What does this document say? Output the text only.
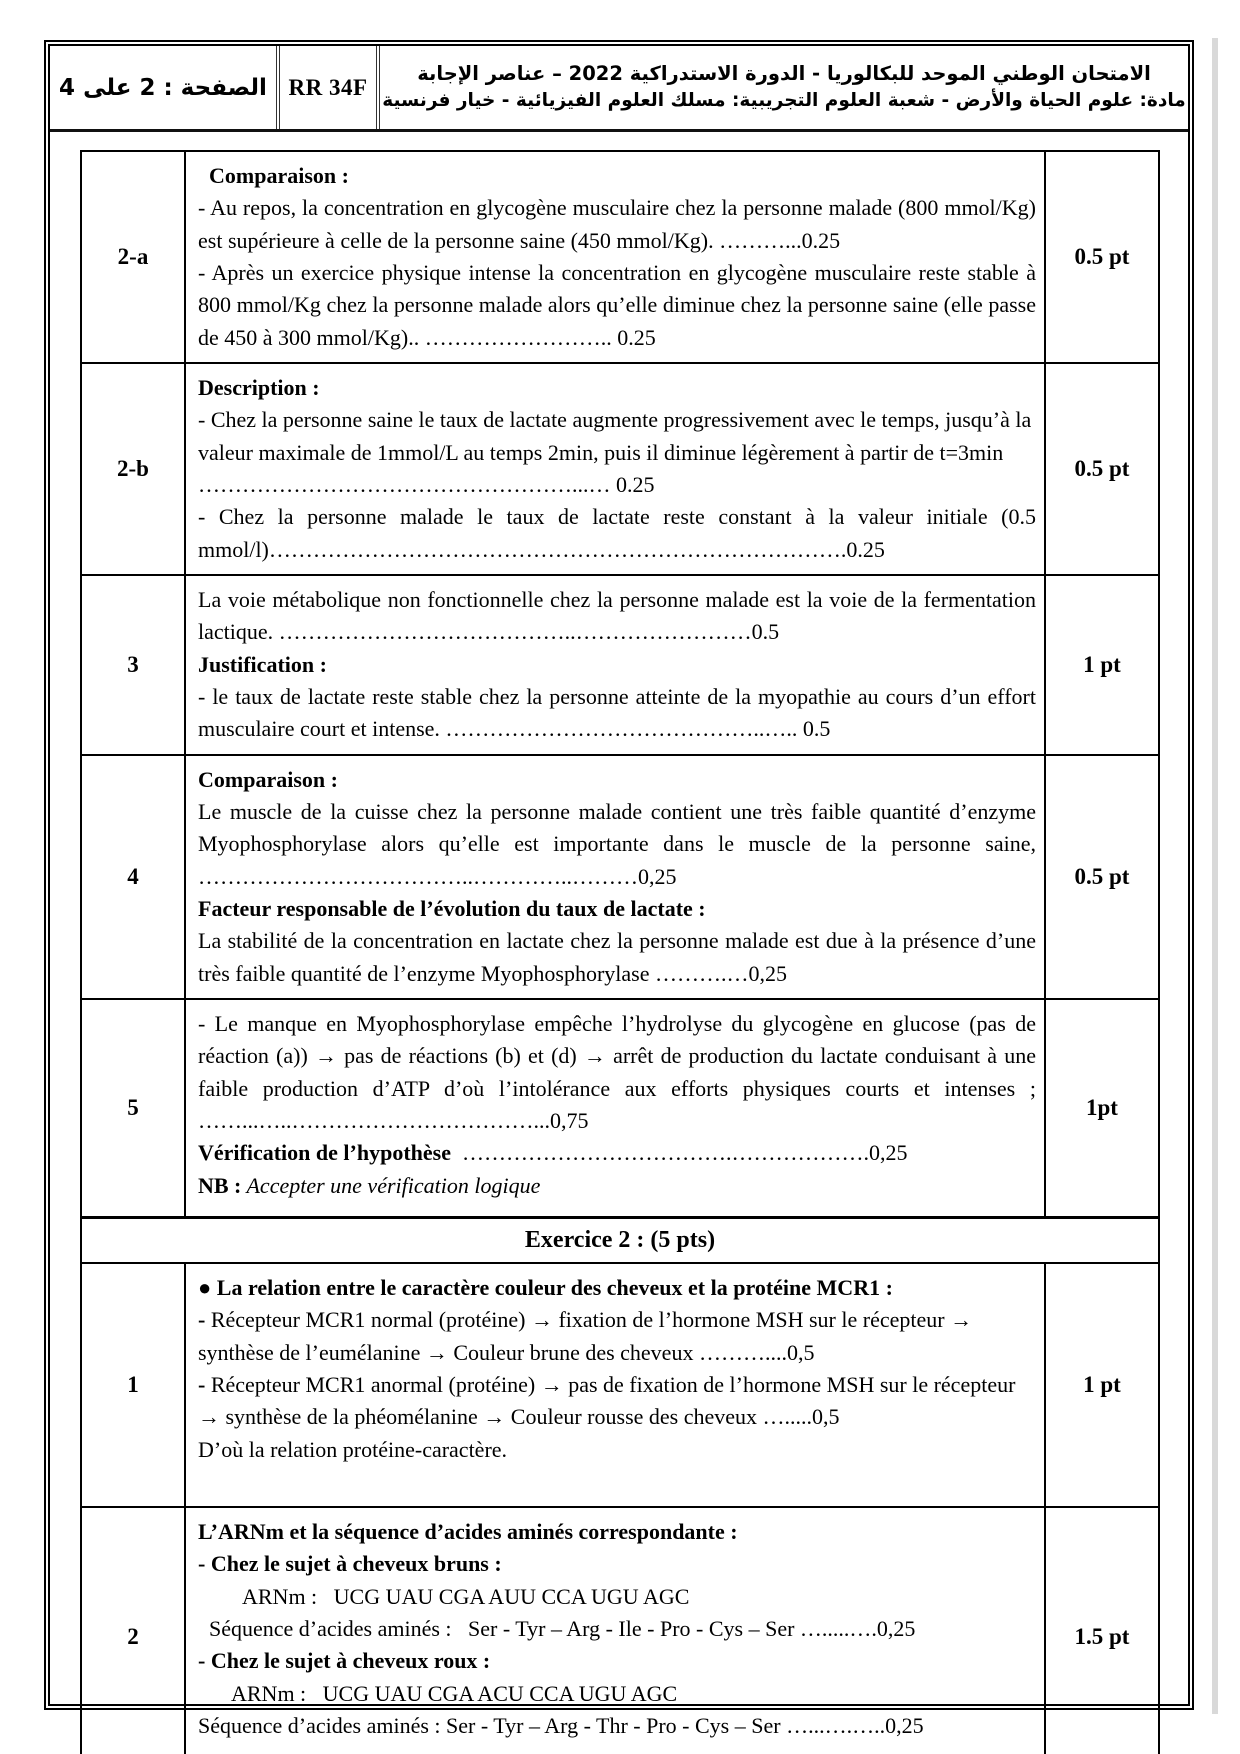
الصفحة : 2 على 4 RR 34F
الامتحان الوطني الموحد للبكالوريا - الدورة الاستدراكية 2022 – عناصر الإجابة
مادة: علوم الحياة والأرض - شعبة العلوم التجريبية: مسلك العلوم الفيزيائية - خيار فرنسية
2-a
Comparaison :
- Au repos, la concentration en glycogène musculaire chez la personne malade (800 mmol/Kg) est supérieure à celle de la personne saine (450 mmol/Kg). ………...0.25
- Après un exercice physique intense la concentration en glycogène musculaire reste stable à 800 mmol/Kg chez la personne malade alors qu’elle diminue chez la personne saine (elle passe de 450 à 300 mmol/Kg).. …………………….. 0.25
0.5 pt
2-b
Description :
- Chez la personne saine le taux de lactate augmente progressivement avec le temps, jusqu’à la valeur maximale de 1mmol/L au temps 2min, puis il diminue légèrement à partir de t=3min ……………………………………………...… 0.25
- Chez la personne malade le taux de lactate reste constant à la valeur initiale (0.5 mmol/l)…………………………………………………………………….0.25
0.5 pt
3
La voie métabolique non fonctionnelle chez la personne malade est la voie de la fermentation lactique. …………………………………..……………………0.5
Justification :
- le taux de lactate reste stable chez la personne atteinte de la myopathie au cours d’un effort musculaire court et intense. ……………………………………..….. 0.5
1 pt
4
Comparaison :
Le muscle de la cuisse chez la personne malade contient une très faible quantité d’enzyme Myophosphorylase alors qu’elle est importante dans le muscle de la personne saine, ………………………………..…………..………0,25
Facteur responsable de l’évolution du taux de lactate :
La stabilité de la concentration en lactate chez la personne malade est due à la présence d’une très faible quantité de l’enzyme Myophosphorylase ……….…0,25
0.5 pt
5
- Le manque en Myophosphorylase empêche l’hydrolyse du glycogène en glucose (pas de réaction (a)) → pas de réactions (b) et (d) → arrêt de production du lactate conduisant à une faible production d’ATP d’où l’intolérance aux efforts physiques courts et intenses ; ……...…..……………………………...0,75
Vérification de l’hypothèse  ……………………………….……………….0,25
NB : Accepter une vérification logique
1pt
Exercice 2 : (5 pts)
1
● La relation entre le caractère couleur des cheveux et la protéine MCR1 :
- Récepteur MCR1 normal (protéine) → fixation de l’hormone MSH sur le récepteur → synthèse de l’eumélanine → Couleur brune des cheveux ………....0,5
- Récepteur MCR1 anormal (protéine) → pas de fixation de l’hormone MSH sur le récepteur → synthèse de la phéomélanine → Couleur rousse des cheveux ….....0,5
D’où la relation protéine-caractère.
1 pt
2
L’ARNm et la séquence d’acides aminés correspondante :
- Chez le sujet à cheveux bruns :
ARNm :   UCG UAU CGA AUU CCA UGU AGC
Séquence d’acides aminés :   Ser - Tyr – Arg - Ile - Pro - Cys – Ser ….....….0,25
- Chez le sujet à cheveux roux :
ARNm :   UCG UAU CGA ACU CCA UGU AGC
Séquence d’acides aminés : Ser - Tyr – Arg - Thr - Pro - Cys – Ser …...….…..0,25
1.5 pt
